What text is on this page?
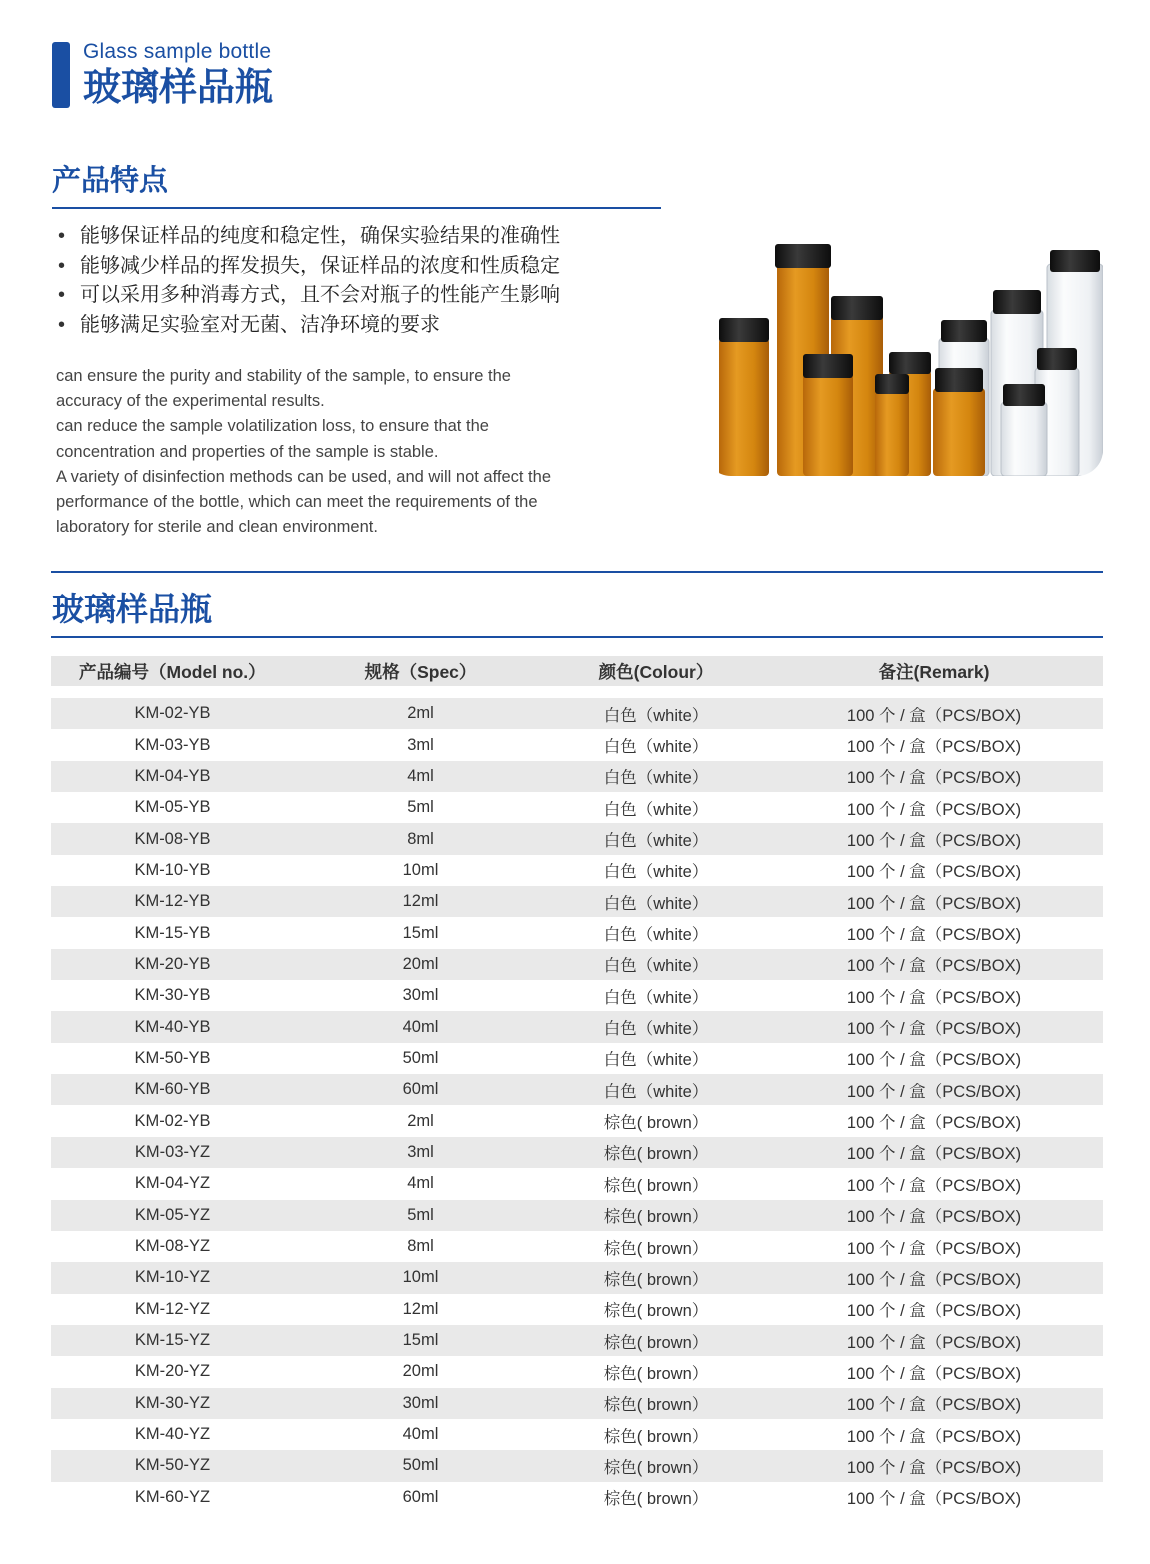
Glass sample bottle
玻璃样品瓶
产品特点
• 能够保证样品的纯度和稳定性，确保实验结果的准确性
• 能够减少样品的挥发损失，保证样品的浓度和性质稳定
• 可以采用多种消毒方式，且不会对瓶子的性能产生影响
• 能够满足实验室对无菌、洁净环境的要求
can ensure the purity and stability of the sample, to ensure the
accuracy of the experimental results.
can reduce the sample volatilization loss, to ensure that the
concentration and properties of the sample is stable.
A variety of disinfection methods can be used, and will not affect the
performance of the bottle, which can meet the requirements of the
laboratory for sterile and clean environment.
玻璃样品瓶
产品编号（Model no.）	规格（Spec）	颜色(Colour）	备注(Remark)

KM-02-YB	2ml	白色（white）	100 个 / 盒（PCS/BOX)
KM-03-YB	3ml	白色（white）	100 个 / 盒（PCS/BOX)
KM-04-YB	4ml	白色（white）	100 个 / 盒（PCS/BOX)
KM-05-YB	5ml	白色（white）	100 个 / 盒（PCS/BOX)
KM-08-YB	8ml	白色（white）	100 个 / 盒（PCS/BOX)
KM-10-YB	10ml	白色（white）	100 个 / 盒（PCS/BOX)
KM-12-YB	12ml	白色（white）	100 个 / 盒（PCS/BOX)
KM-15-YB	15ml	白色（white）	100 个 / 盒（PCS/BOX)
KM-20-YB	20ml	白色（white）	100 个 / 盒（PCS/BOX)
KM-30-YB	30ml	白色（white）	100 个 / 盒（PCS/BOX)
KM-40-YB	40ml	白色（white）	100 个 / 盒（PCS/BOX)
KM-50-YB	50ml	白色（white）	100 个 / 盒（PCS/BOX)
KM-60-YB	60ml	白色（white）	100 个 / 盒（PCS/BOX)
KM-02-YB	2ml	棕色( brown）	100 个 / 盒（PCS/BOX)
KM-03-YZ	3ml	棕色( brown）	100 个 / 盒（PCS/BOX)
KM-04-YZ	4ml	棕色( brown）	100 个 / 盒（PCS/BOX)
KM-05-YZ	5ml	棕色( brown）	100 个 / 盒（PCS/BOX)
KM-08-YZ	8ml	棕色( brown）	100 个 / 盒（PCS/BOX)
KM-10-YZ	10ml	棕色( brown）	100 个 / 盒（PCS/BOX)
KM-12-YZ	12ml	棕色( brown）	100 个 / 盒（PCS/BOX)
KM-15-YZ	15ml	棕色( brown）	100 个 / 盒（PCS/BOX)
KM-20-YZ	20ml	棕色( brown）	100 个 / 盒（PCS/BOX)
KM-30-YZ	30ml	棕色( brown）	100 个 / 盒（PCS/BOX)
KM-40-YZ	40ml	棕色( brown）	100 个 / 盒（PCS/BOX)
KM-50-YZ	50ml	棕色( brown）	100 个 / 盒（PCS/BOX)
KM-60-YZ	60ml	棕色( brown）	100 个 / 盒（PCS/BOX)
